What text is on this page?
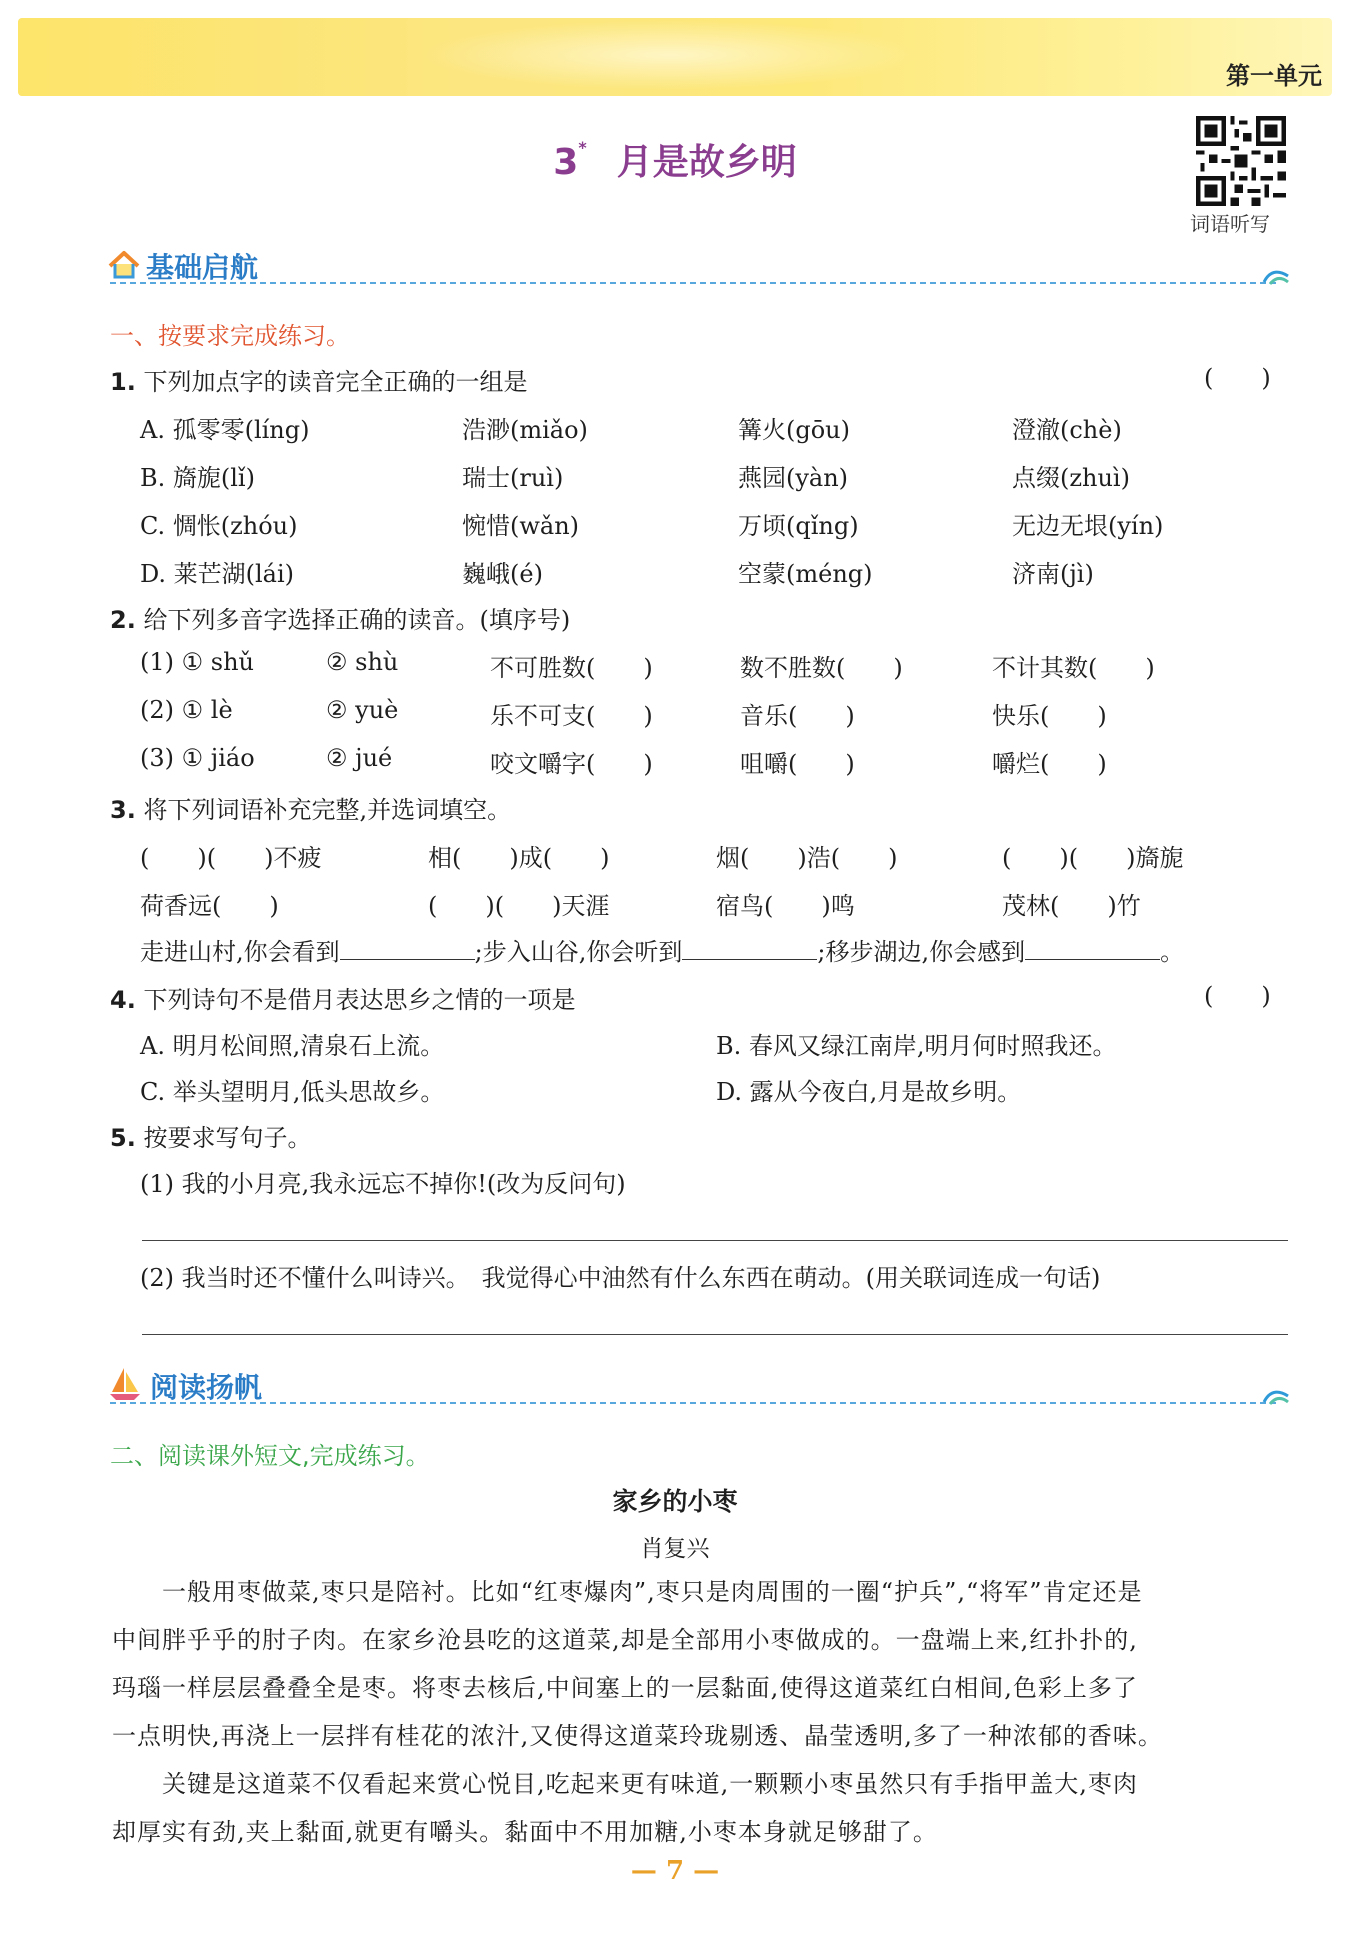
第一单元
3* 月是故乡明
词语听写
基础启航
一、按要求完成练习。
1. 下列加点字的读音完全正确的一组是	(　　)
A. 孤零零(líng)	浩渺(miǎo)	篝火(gōu)	澄澈(chè)
B. 旖旎(lǐ)	瑞士(ruì)	燕园(yàn)	点缀(zhuì)
C. 惆怅(zhóu)	惋惜(wǎn)	万顷(qǐng)	无边无垠(yín)
D. 莱芒湖(lái)	巍峨(é)	空蒙(méng)	济南(jì)
2. 给下列多音字选择正确的读音。(填序号)
(1) ① shǔ	② shù	不可胜数(　　)	数不胜数(　　)	不计其数(　　)
(2) ① lè	② yuè	乐不可支(　　)	音乐(　　)	快乐(　　)
(3) ① jiáo	② jué	咬文嚼字(　　)	咀嚼(　　)	嚼烂(　　)
3. 将下列词语补充完整,并选词填空。
(　　)(　　)不疲	相(　　)成(　　)	烟(　　)浩(　　)	(　　)(　　)旖旎
荷香远(　　)	(　　)(　　)天涯	宿鸟(　　)鸣	茂林(　　)竹
走进山村,你会看到	;步入山谷,你会听到	;移步湖边,你会感到	。
4. 下列诗句不是借月表达思乡之情的一项是	(　　)
A. 明月松间照,清泉石上流。	B. 春风又绿江南岸,明月何时照我还。
C. 举头望明月,低头思故乡。	D. 露从今夜白,月是故乡明。
5. 按要求写句子。
(1) 我的小月亮,我永远忘不掉你!(改为反问句)
(2) 我当时还不懂什么叫诗兴。　我觉得心中油然有什么东西在萌动。(用关联词连成一句话)
阅读扬帆
二、阅读课外短文,完成练习。
家乡的小枣
肖复兴
　　一般用枣做菜,枣只是陪衬。比如“红枣爆肉”,枣只是肉周围的一圈“护兵”,“将军”肯定还是
中间胖乎乎的肘子肉。在家乡沧县吃的这道菜,却是全部用小枣做成的。一盘端上来,红扑扑的,
玛瑙一样层层叠叠全是枣。将枣去核后,中间塞上的一层黏面,使得这道菜红白相间,色彩上多了
一点明快,再浇上一层拌有桂花的浓汁,又使得这道菜玲珑剔透、晶莹透明,多了一种浓郁的香味。
　　关键是这道菜不仅看起来赏心悦目,吃起来更有味道,一颗颗小枣虽然只有手指甲盖大,枣肉
却厚实有劲,夹上黏面,就更有嚼头。黏面中不用加糖,小枣本身就足够甜了。
— 7 —
